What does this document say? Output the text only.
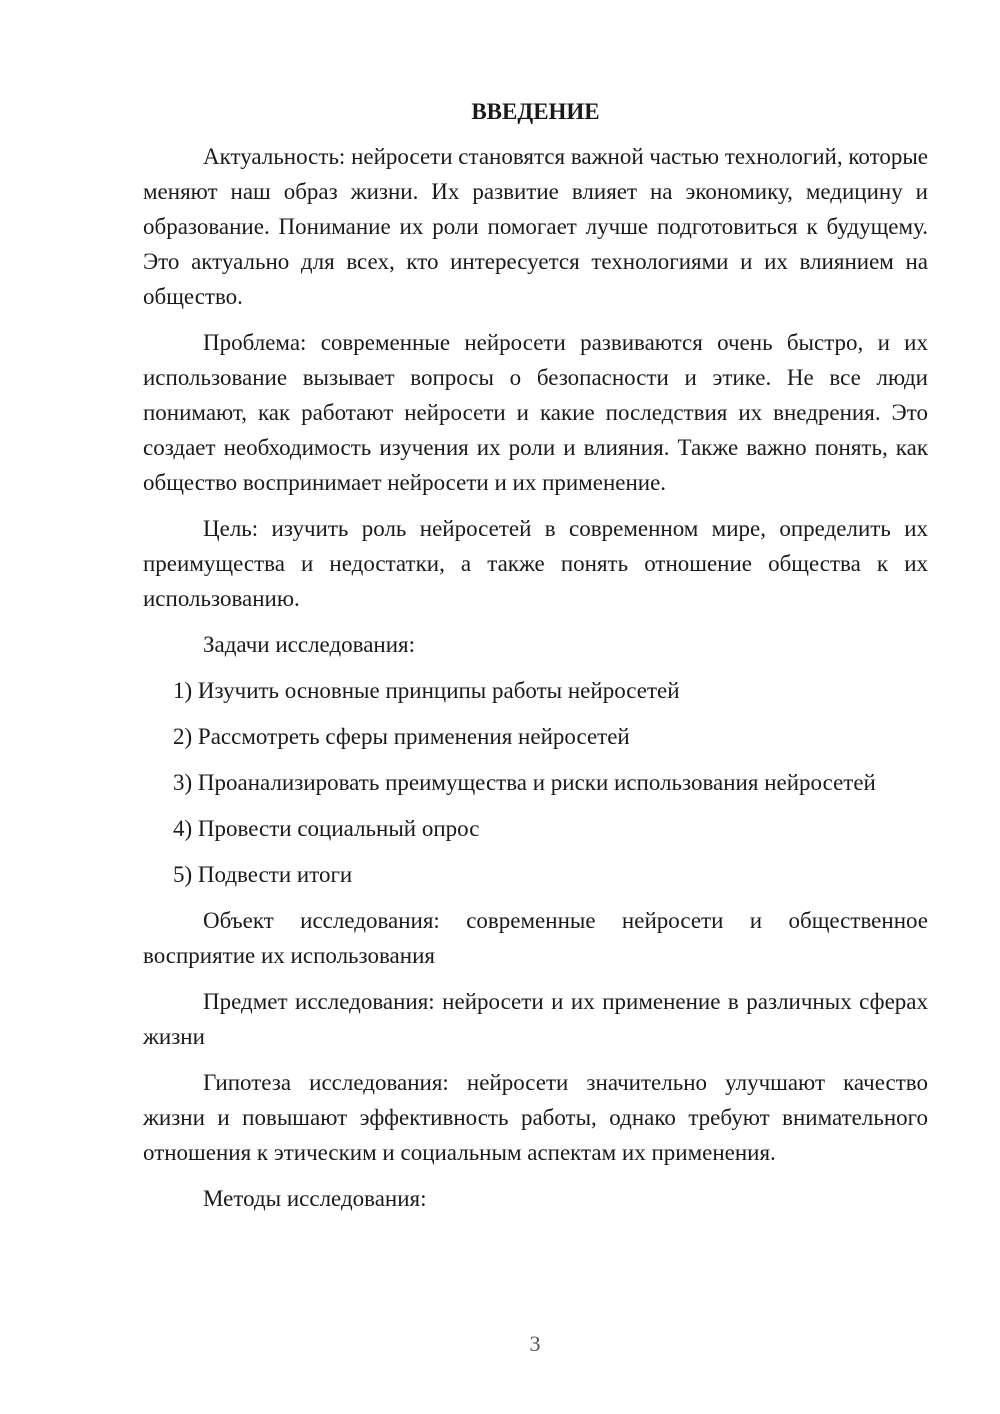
ВВЕДЕНИЕ

Актуальность: нейросети становятся важной частью технологий, которые меняют наш образ жизни. Их развитие влияет на экономику, медицину и образование. Понимание их роли помогает лучше подготовиться к будущему. Это актуально для всех, кто интересуется технологиями и их влиянием на общество.

Проблема: современные нейросети развиваются очень быстро, и их использование вызывает вопросы о безопасности и этике. Не все люди понимают, как работают нейросети и какие последствия их внедрения. Это создает необходимость изучения их роли и влияния. Также важно понять, как общество воспринимает нейросети и их применение.

Цель: изучить роль нейросетей в современном мире, определить их преимущества и недостатки, а также понять отношение общества к их использованию.

Задачи исследования:

1) Изучить основные принципы работы нейросетей

2) Рассмотреть сферы применения нейросетей

3) Проанализировать преимущества и риски использования нейросетей

4) Провести социальный опрос

5) Подвести итоги

Объект исследования: современные нейросети и общественное восприятие их использования

Предмет исследования: нейросети и их применение в различных сферах жизни

Гипотеза исследования: нейросети значительно улучшают качество жизни и повышают эффективность работы, однако требуют внимательного отношения к этическим и социальным аспектам их применения.

Методы исследования:

3
